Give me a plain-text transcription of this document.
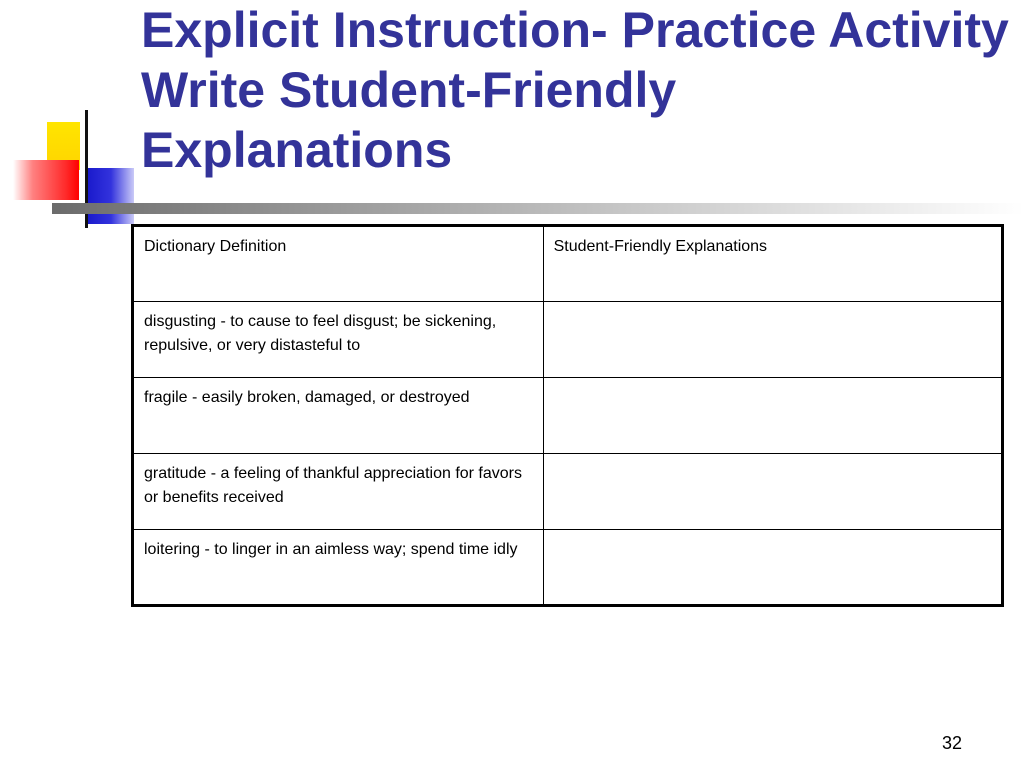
Explicit Instruction- Practice Activity
Write Student-Friendly
Explanations
Dictionary Definition	Student-Friendly Explanations
disgusting - to cause to feel disgust; be sickening, repulsive, or very distasteful to	
fragile - easily broken, damaged, or destroyed	
gratitude - a feeling of thankful appreciation for favors or benefits received	
loitering - to linger in an aimless way; spend time idly	
32
